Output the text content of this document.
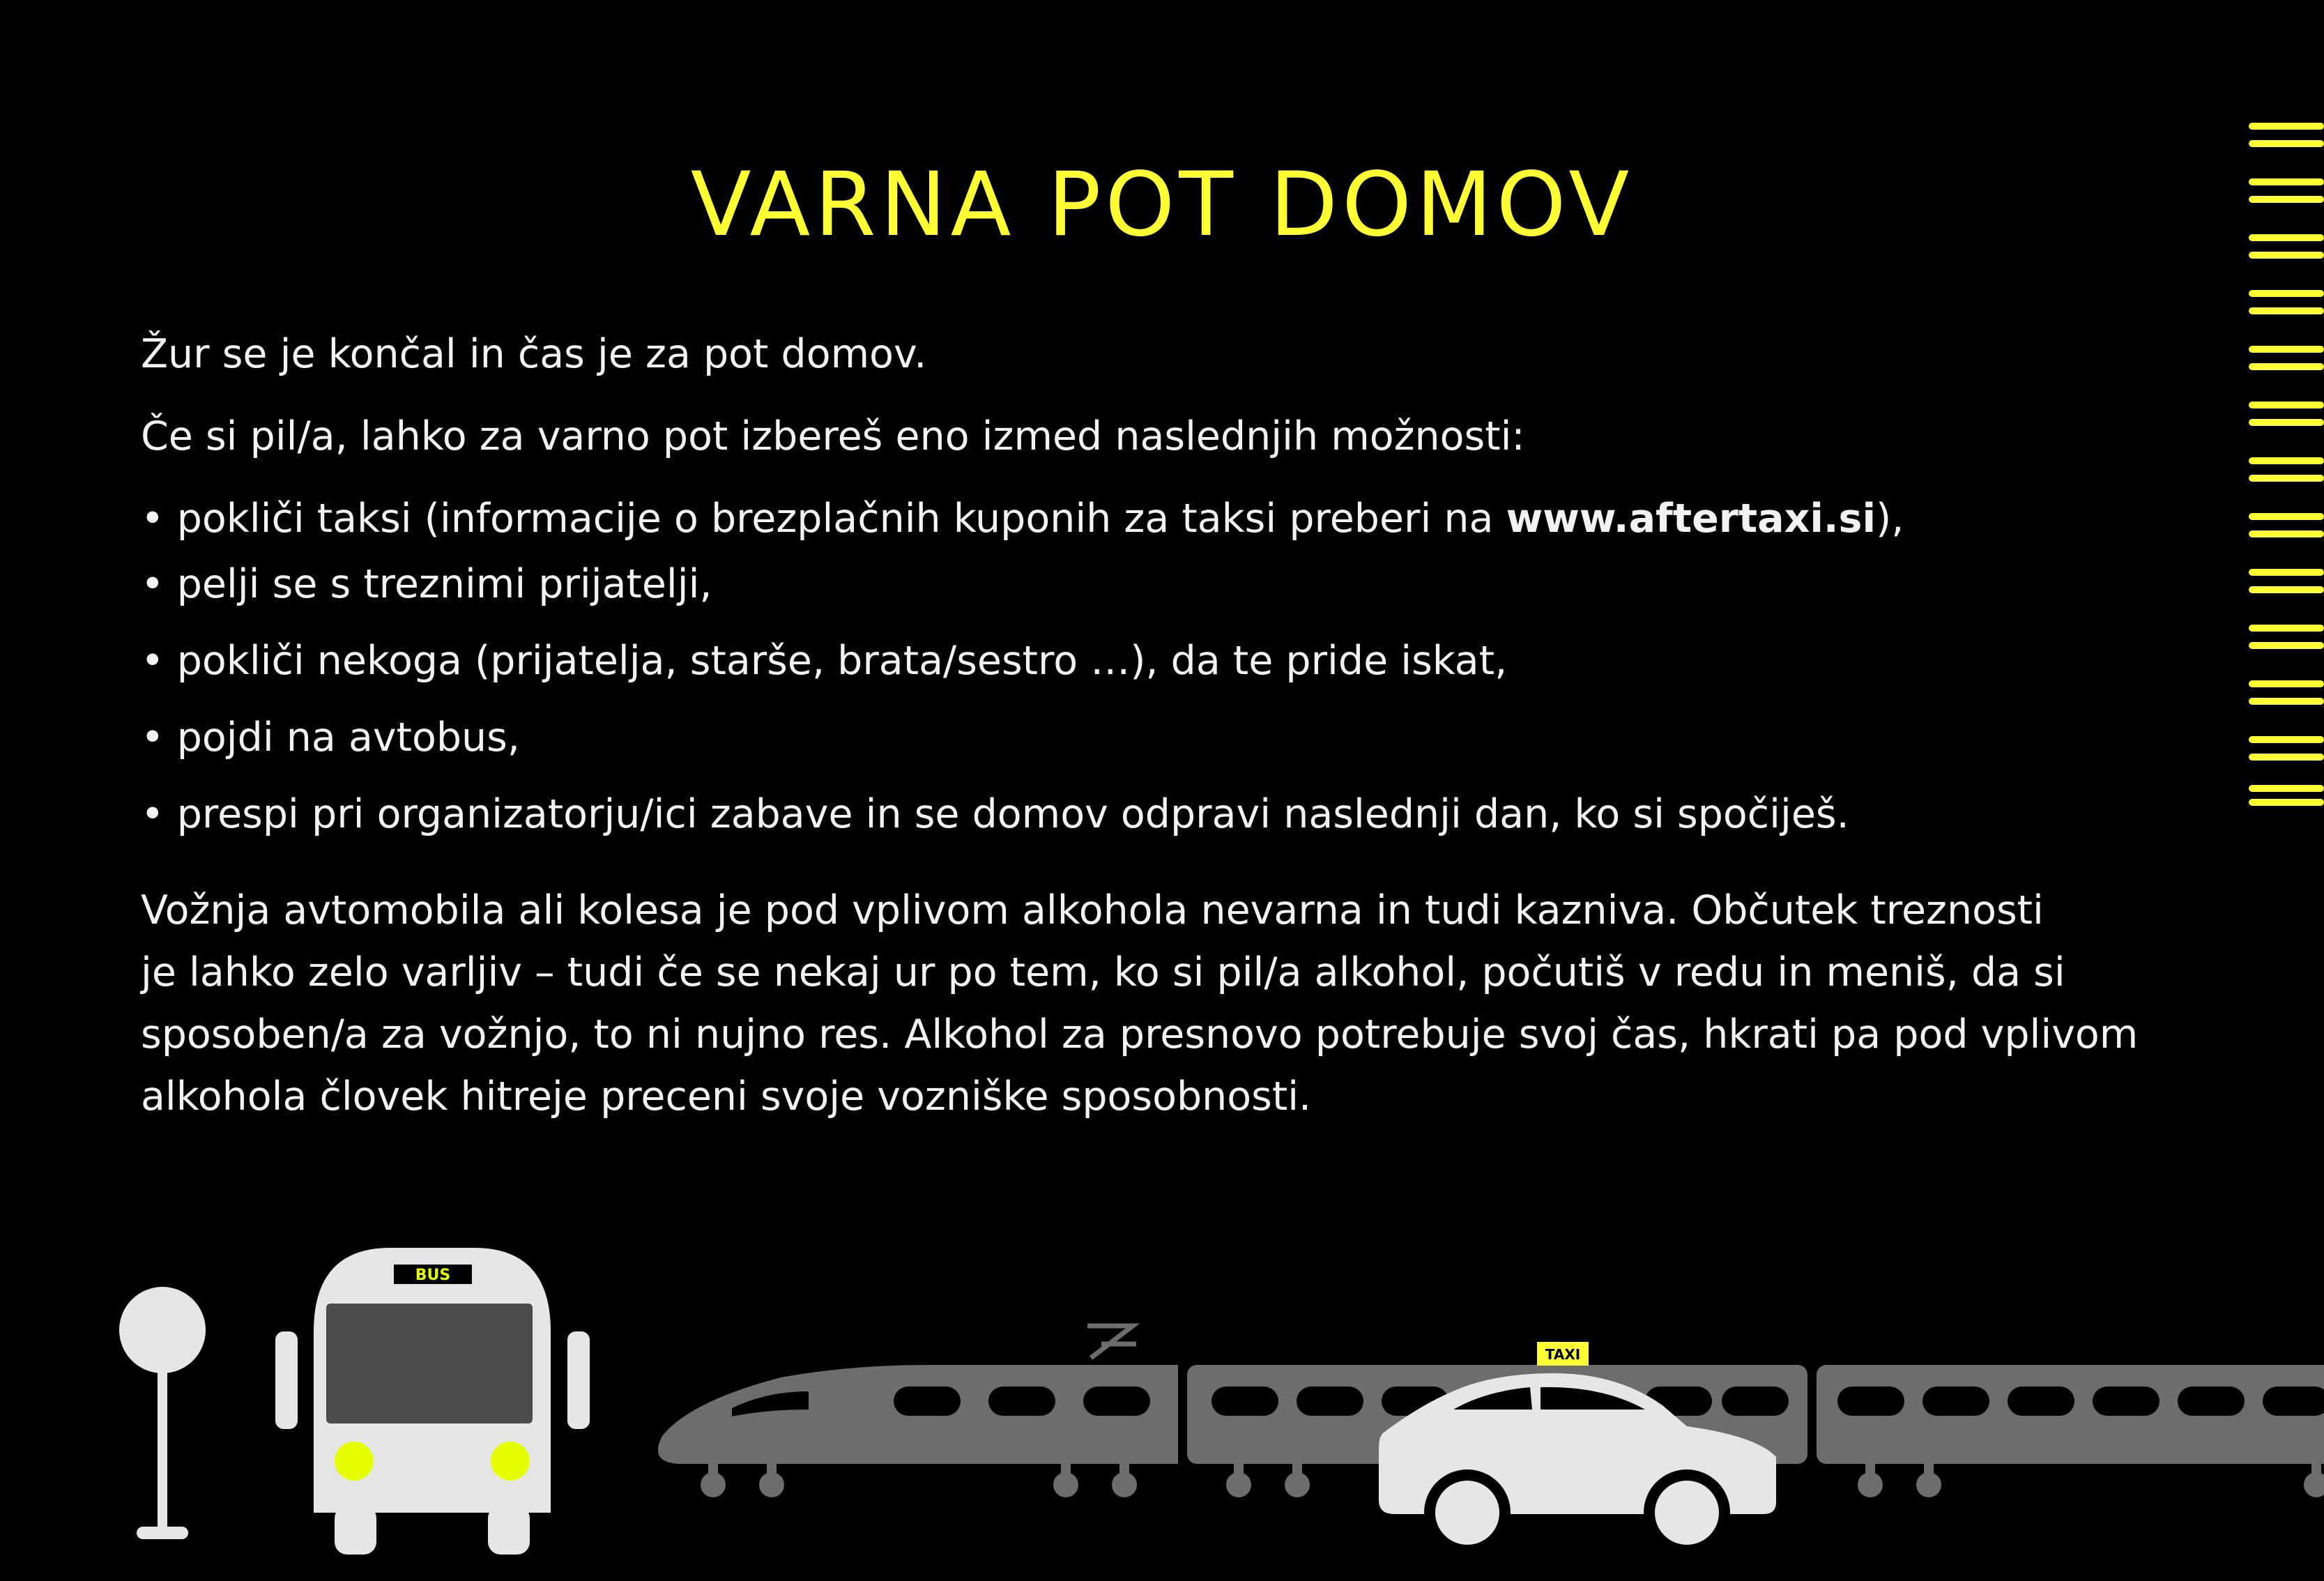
VARNA POT DOMOV

Žur se je končal in čas je za pot domov.

Če si pil/a, lahko za varno pot izbereš eno izmed naslednjih možnosti:

• pokliči taksi (informacije o brezplačnih kuponih za taksi preberi na www.aftertaxi.si),

• pelji se s treznimi prijatelji,

• pokliči nekoga (prijatelja, starše, brata/sestro …), da te pride iskat,

• pojdi na avtobus,

• prespi pri organizatorju/ici zabave in se domov odpravi naslednji dan, ko si spočiješ.

Vožnja avtomobila ali kolesa je pod vplivom alkohola nevarna in tudi kazniva. Občutek treznosti

je lahko zelo varljiv – tudi če se nekaj ur po tem, ko si pil/a alkohol, počutiš v redu in meniš, da si

sposoben/a za vožnjo, to ni nujno res. Alkohol za presnovo potrebuje svoj čas, hkrati pa pod vplivom

alkohola človek hitreje preceni svoje vozniške sposobnosti.

BUS
TAXI
